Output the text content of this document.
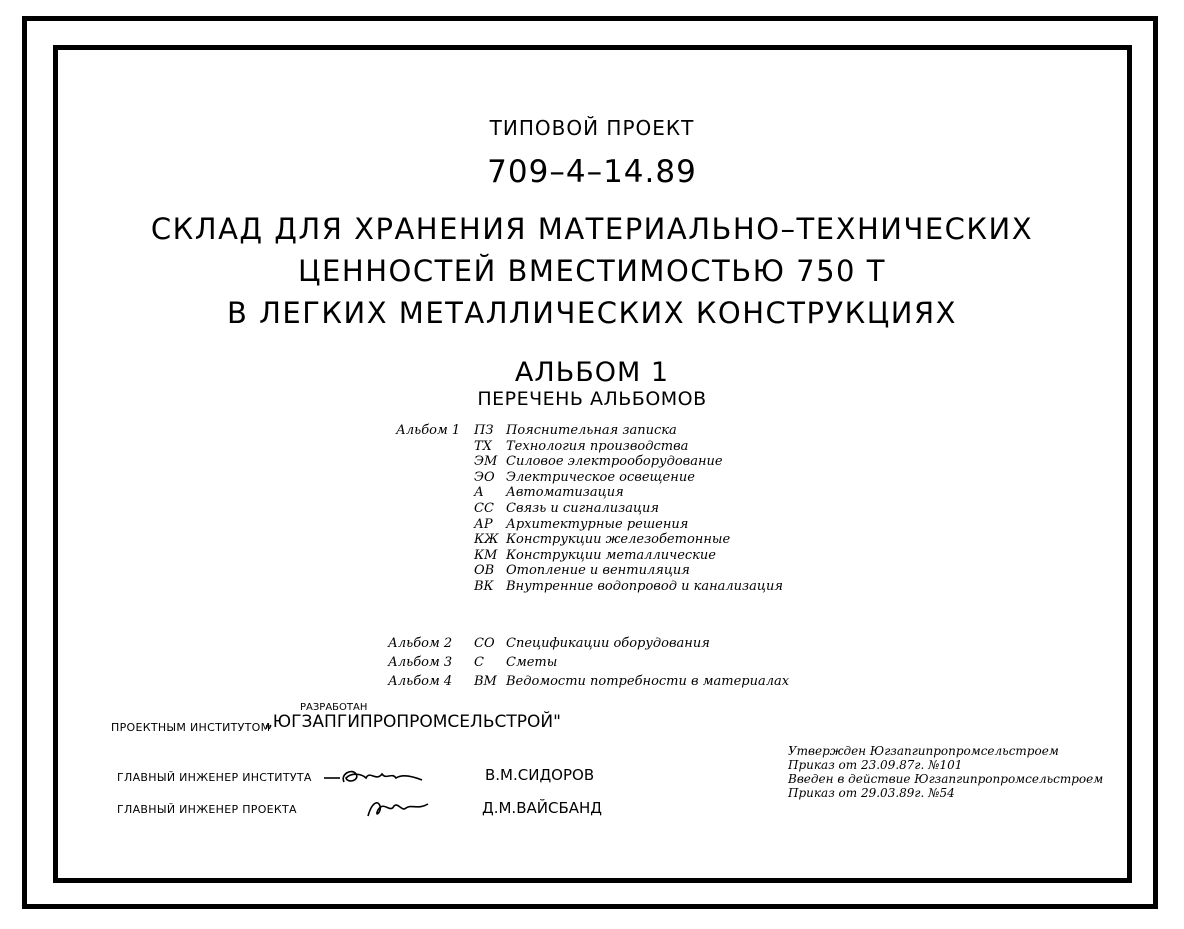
ТИПОВОЙ ПРОЕКТ
709–4–14.89
СКЛАД ДЛЯ ХРАНЕНИЯ МАТЕРИАЛЬНО–ТЕХНИЧЕСКИХ
ЦЕННОСТЕЙ ВМЕСТИМОСТЬЮ 750 Т
В ЛЕГКИХ МЕТАЛЛИЧЕСКИХ КОНСТРУКЦИЯХ
АЛЬБОМ 1
ПЕРЕЧЕНЬ АЛЬБОМОВ
Альбом 1 ПЗ Пояснительная записка
ТХ Технология производства
ЭМ Силовое электрооборудование
ЭО Электрическое освещение
А Автоматизация
СС Связь и сигнализация
АР Архитектурные решения
КЖ Конструкции железобетонные
КМ Конструкции металлические
ОВ Отопление и вентиляция
ВК Внутренние водопровод и канализация
Альбом 2 СО Спецификации оборудования
Альбом 3 С Сметы
Альбом 4 ВМ Ведомости потребности в материалах
РАЗРАБОТАН
ПРОЕКТНЫМ ИНСТИТУТОМ
„ЮГЗАПГИПРОПРОМСЕЛЬСТРОЙ"
ГЛАВНЫЙ ИНЖЕНЕР ИНСТИТУТА	В.М.СИДОРОВ
ГЛАВНЫЙ ИНЖЕНЕР ПРОЕКТА	Д.М.ВАЙСБАНД
Утвержден Югзапгипропромсельстроем
Приказ от 23.09.87г. №101
Введен в действие Югзапгипропромсельстроем
Приказ от 29.03.89г. №54
